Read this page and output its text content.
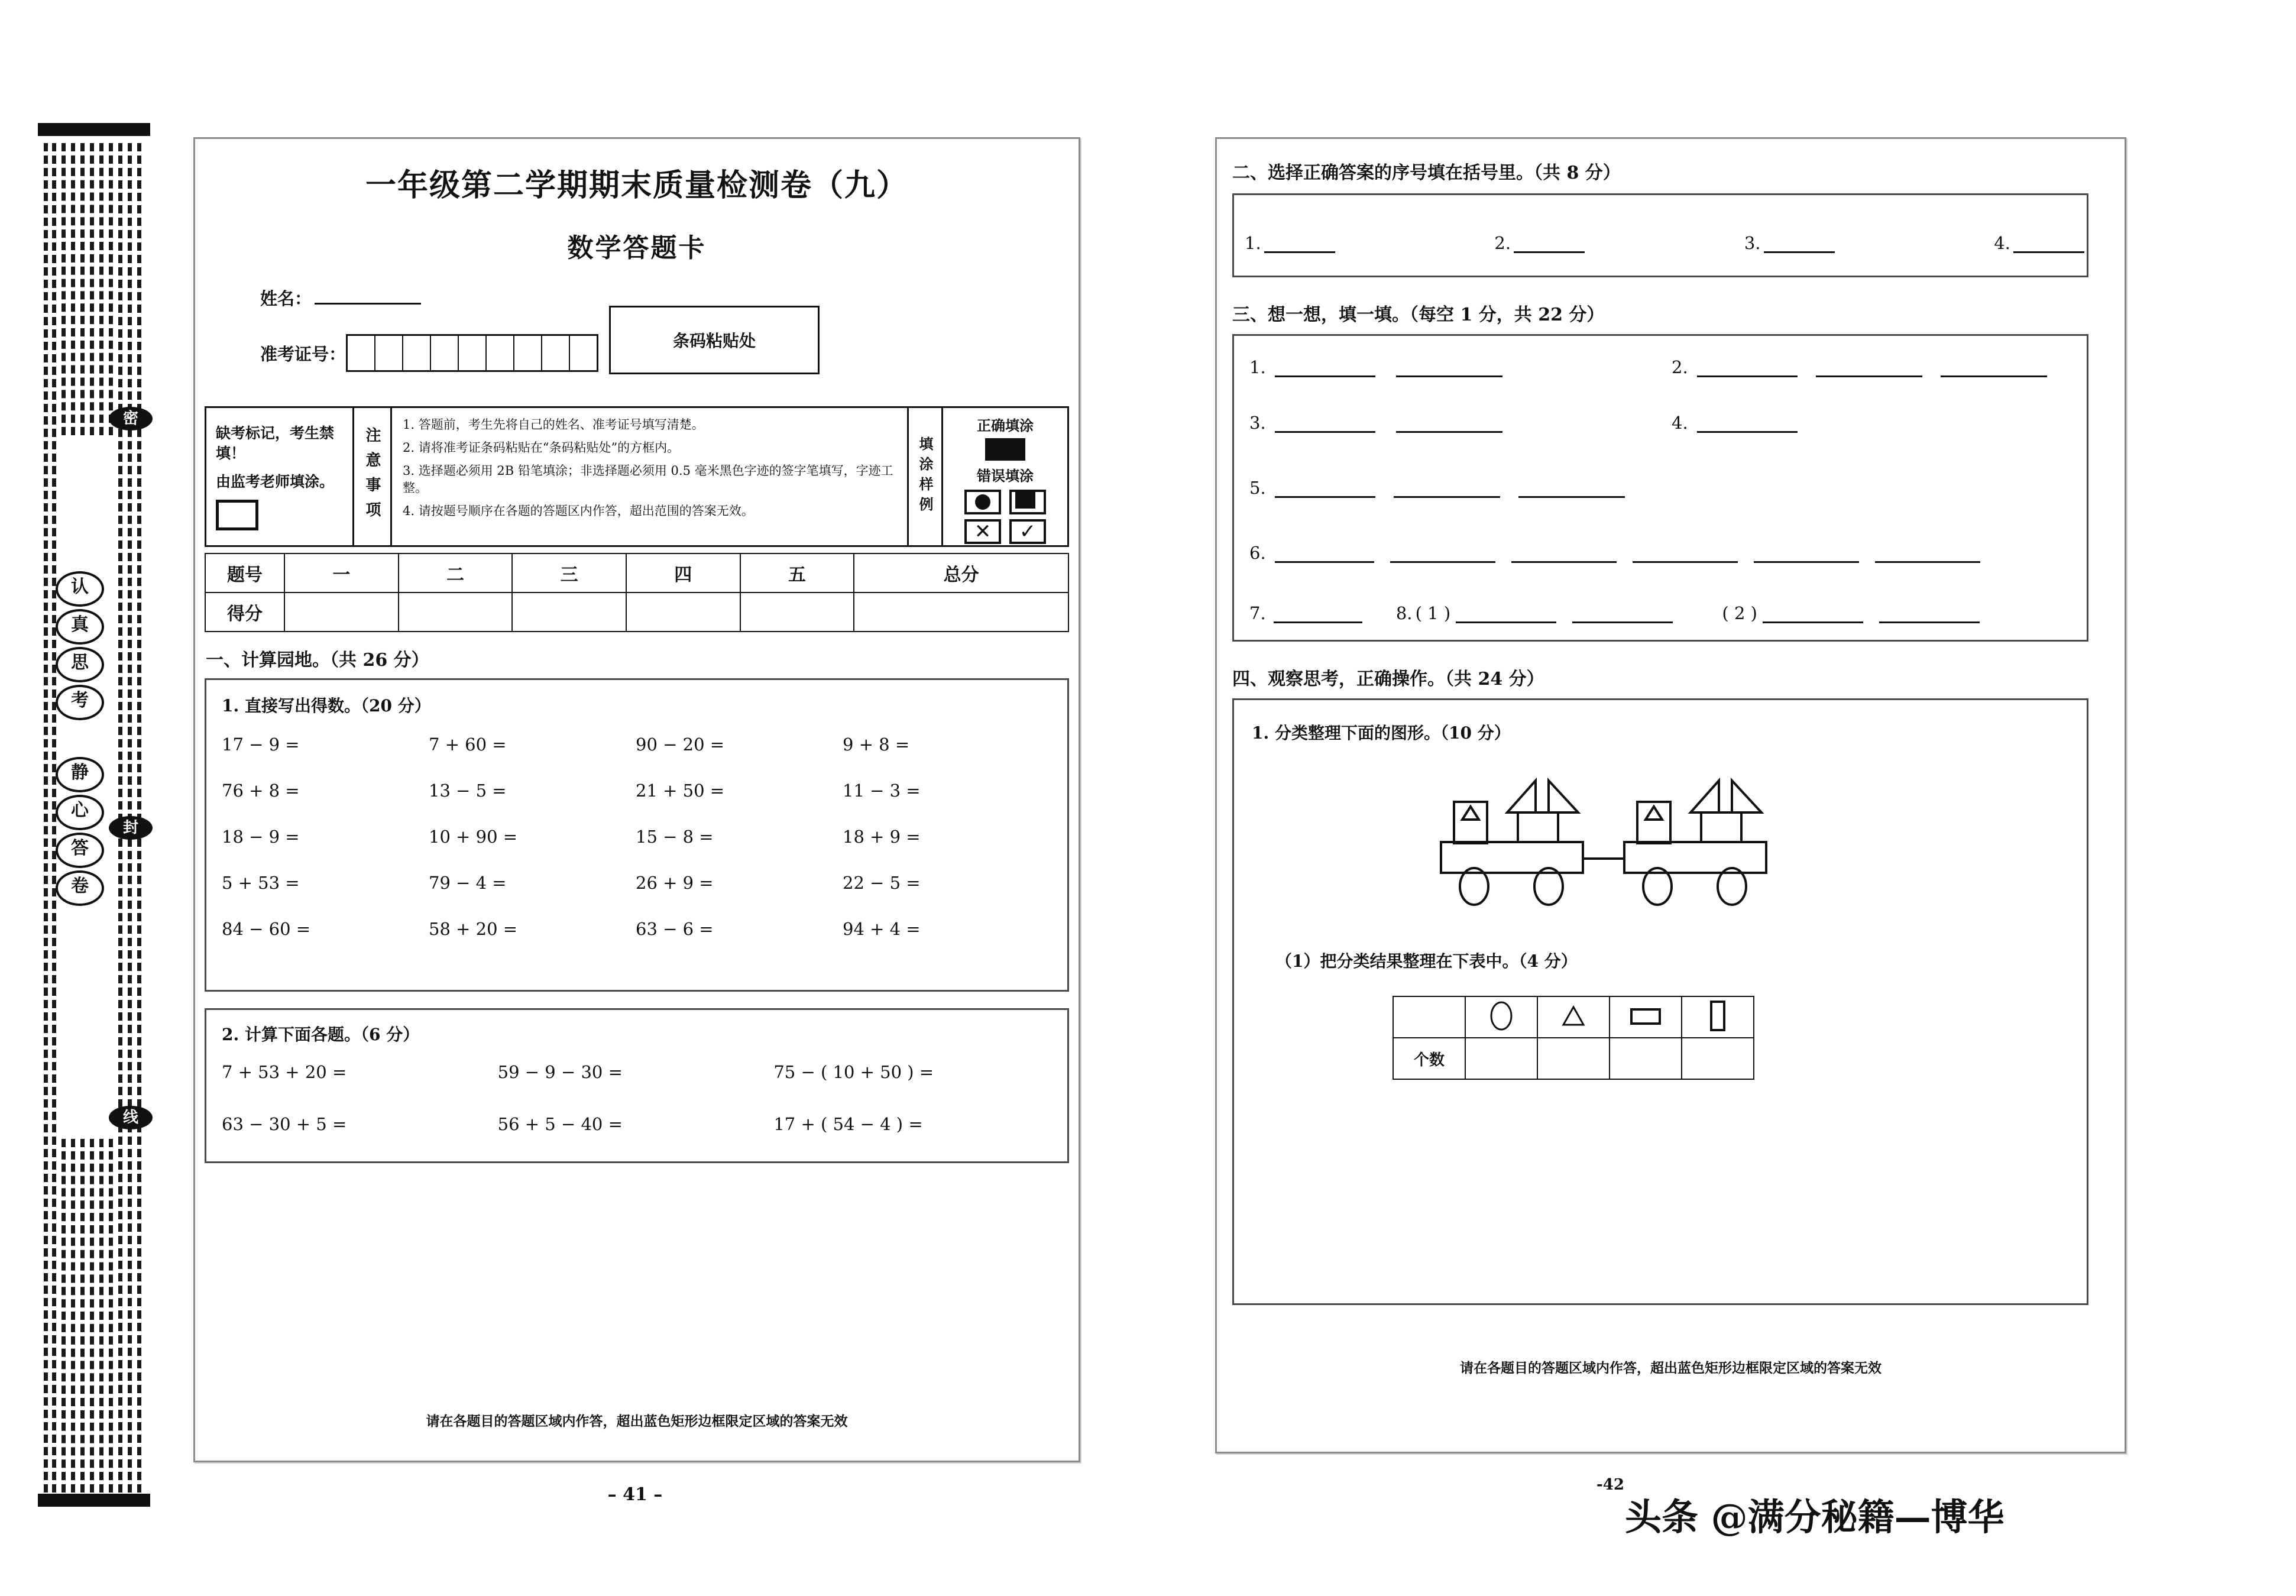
密
封
线
认
真
思
考
静
心
答
卷
一年级第二学期期末质量检测卷（九）
数学答题卡
姓名：
准考证号：
条码粘贴处

缺考标记，考生禁填！

由监考老师填涂。	注意事项

1. 答题前，考生先将自己的姓名、准考证号填写清楚。

2. 请将准考证条码粘贴在“条码粘贴处”的方框内。

3. 选择题必须用 2B 铅笔填涂；非选择题必须用 0.5 毫米黑色字迹的签字笔填写，字迹工整。

4. 请按题号顺序在各题的答题区内作答，超出范围的答案无效。	填涂样例
正确填涂
错误填涂
✕	✓
题号	一	二	三	四	五	总分
得分						
一、计算园地。（共 26 分）
1. 直接写出得数。（20 分）
17 − 9 =	7 + 60 =	90 − 20 =	9 + 8 =
76 + 8 =	13 − 5 =	21 + 50 =	11 − 3 =
18 − 9 =	10 + 90 =	15 − 8 =	18 + 9 =
5 + 53 =	79 − 4 =	26 + 9 =	22 − 5 =
84 − 60 =	58 + 20 =	63 − 6 =	94 + 4 =
2. 计算下面各题。（6 分）
7 + 53 + 20 =	59 − 9 − 30 =	75 − ( 10 + 50 ) =
63 − 30 + 5 =	56 + 5 − 40 =	17 + ( 54 − 4 ) =
请在各题目的答题区域内作答，超出蓝色矩形边框限定区域的答案无效
– 41 –
二、选择正确答案的序号填在括号里。（共 8 分）
1.	2.	3.	4.
三、想一想，填一填。（每空 1 分，共 22 分）
1.	2.
3.	4.
5.
6.
7.	8. ( 1 )	( 2 )
四、观察思考，正确操作。（共 24 分）
1. 分类整理下面的图形。（10 分）
（1）把分类结果整理在下表中。（4 分）

个数				
请在各题目的答题区域内作答，超出蓝色矩形边框限定区域的答案无效
-42
头条 @满分秘籍—博华
